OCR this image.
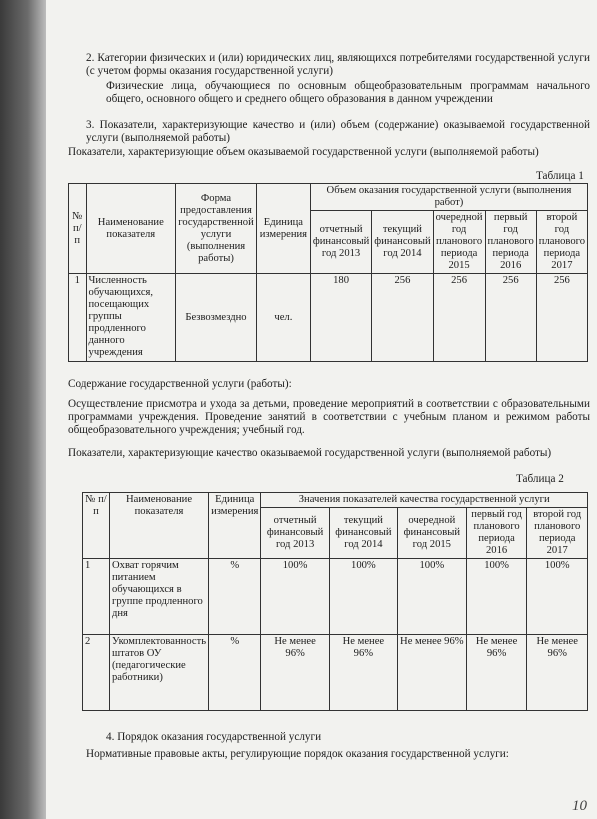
2. Категории физических и (или) юридических лиц, являющихся потребителями государственной услуги (с учетом формы оказания государственной услуги)
Физические лица, обучающиеся по основным общеобразовательным программам начального общего, основного общего и среднего общего образования в данном учреждении
3. Показатели, характеризующие качество и (или) объем (содержание) оказываемой государственной услуги (выполняемой работы)
Показатели, характеризующие объем оказываемой государственной услуги (выполняемой работы)
Таблица 1
№ п/п	Наименование показателя	Форма предоставления государственной услуги (выполнения работы)	Единица измерения	Объем оказания государственной услуги (выполнения работ)				
				отчетный финансовый год 2013	текущий финансовый год 2014	очередной год планового периода 2015	первый год планового периода 2016	второй год планового периода 2017
1	Численность обучающихся, посещающих группы продленного данного учреждения	Безвозмездно	чел.	180	256	256	256	256
Содержание государственной услуги (работы):
Осуществление присмотра и ухода за детьми, проведение мероприятий в соответствии с образовательными программами учреждения. Проведение занятий в соответствии с учебным планом и режимом работы общеобразовательного учреждения; учебный год.
Показатели, характеризующие качество оказываемой государственной услуги (выполняемой работы)
Таблица 2
№ п/п	Наименование показателя	Единица измерения	Значения показателей качества государственной услуги				
			отчетный финансовый год 2013	текущий финансовый год 2014	очередной финансовый год 2015	первый год планового периода 2016	второй год планового периода 2017
1	Охват горячим питанием обучающихся в группе продленного дня	%	100%	100%	100%	100%	100%
2	Укомплектованность штатов ОУ (педагогические работники)	%	Не менее 96%	Не менее 96%	Не менее 96%	Не менее 96%	Не менее 96%
4. Порядок оказания государственной услуги
Нормативные правовые акты, регулирующие порядок оказания государственной услуги:
10
